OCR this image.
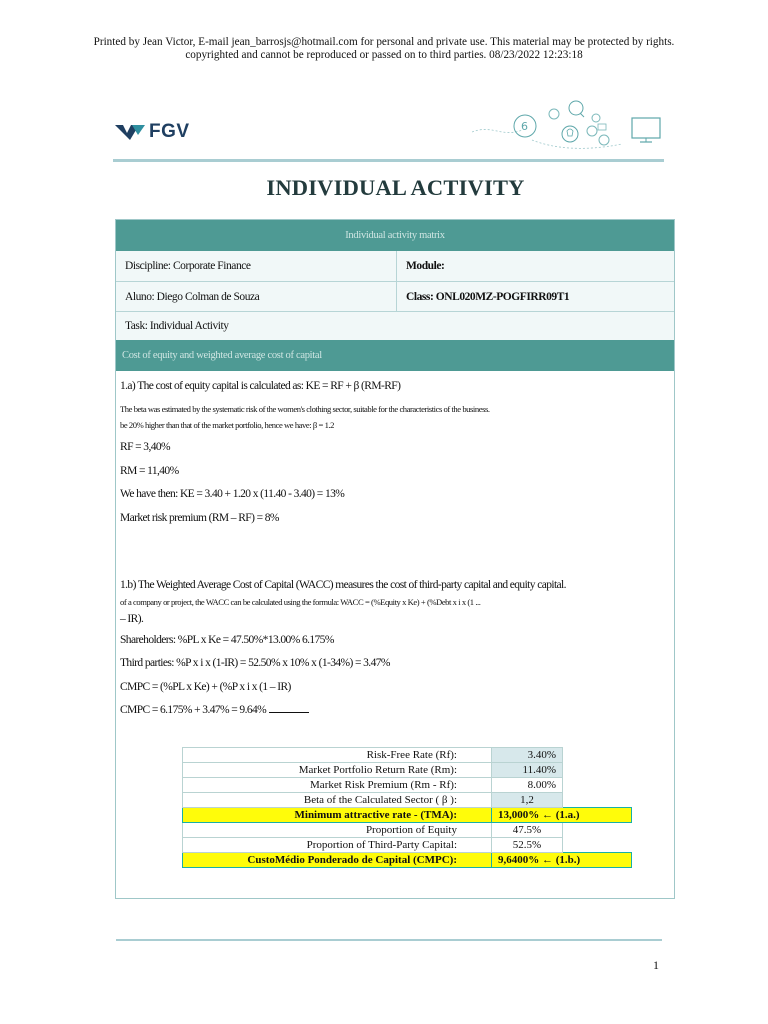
Printed by Jean Victor, E-mail jean_barrosjs@hotmail.com for personal and private use. This material may be protected by rights.
copyrighted and cannot be reproduced or passed on to third parties. 08/23/2022 12:23:18
FGV	6
INDIVIDUAL ACTIVITY
Individual activity matrix
Discipline: Corporate Finance	Module:
Aluno: Diego Colman de Souza	Class: ONL020MZ-POGFIRR09T1
Task: Individual Activity
Cost of equity and weighted average cost of capital
1.a) The cost of equity capital is calculated as: KE = RF + β (RM-RF)
The beta was estimated by the systematic risk of the women's clothing sector, suitable for the characteristics of the business.
be 20% higher than that of the market portfolio, hence we have: β = 1.2
RF = 3,40%
RM = 11,40%
We have then: KE = 3.40 + 1.20 x (11.40 - 3.40) = 13%
Market risk premium (RM – RF) = 8%
1.b) The Weighted Average Cost of Capital (WACC) measures the cost of third-party capital and equity capital.
of a company or project, the WACC can be calculated using the formula: WACC = (%Equity x Ke) + (%Debt x i x (1 ...
– IR).
Shareholders: %PL x Ke = 47.50%*13.00% 6.175%
Third parties: %P x i x (1-IR) = 52.50% x 10% x (1-34%) = 3.47%
CMPC = (%PL x Ke) + (%P x i x (1 – IR)
CMPC = 6.175% + 3.47% = 9.64%
Risk-Free Rate (Rf):	3.40%	
Market Portfolio Return Rate (Rm):	11.40%	
Market Risk Premium (Rm - Rf):	8.00%	
Beta of the Calculated Sector ( β ):	1,2	
Minimum attractive rate - (TMA):	13,000% ← (1.a.)	
Proportion of Equity	47.5%	
Proportion of Third-Party Capital:	52.5%	
CustoMédio Ponderado de Capital (CMPC):	9,6400% ← (1.b.)	
1
